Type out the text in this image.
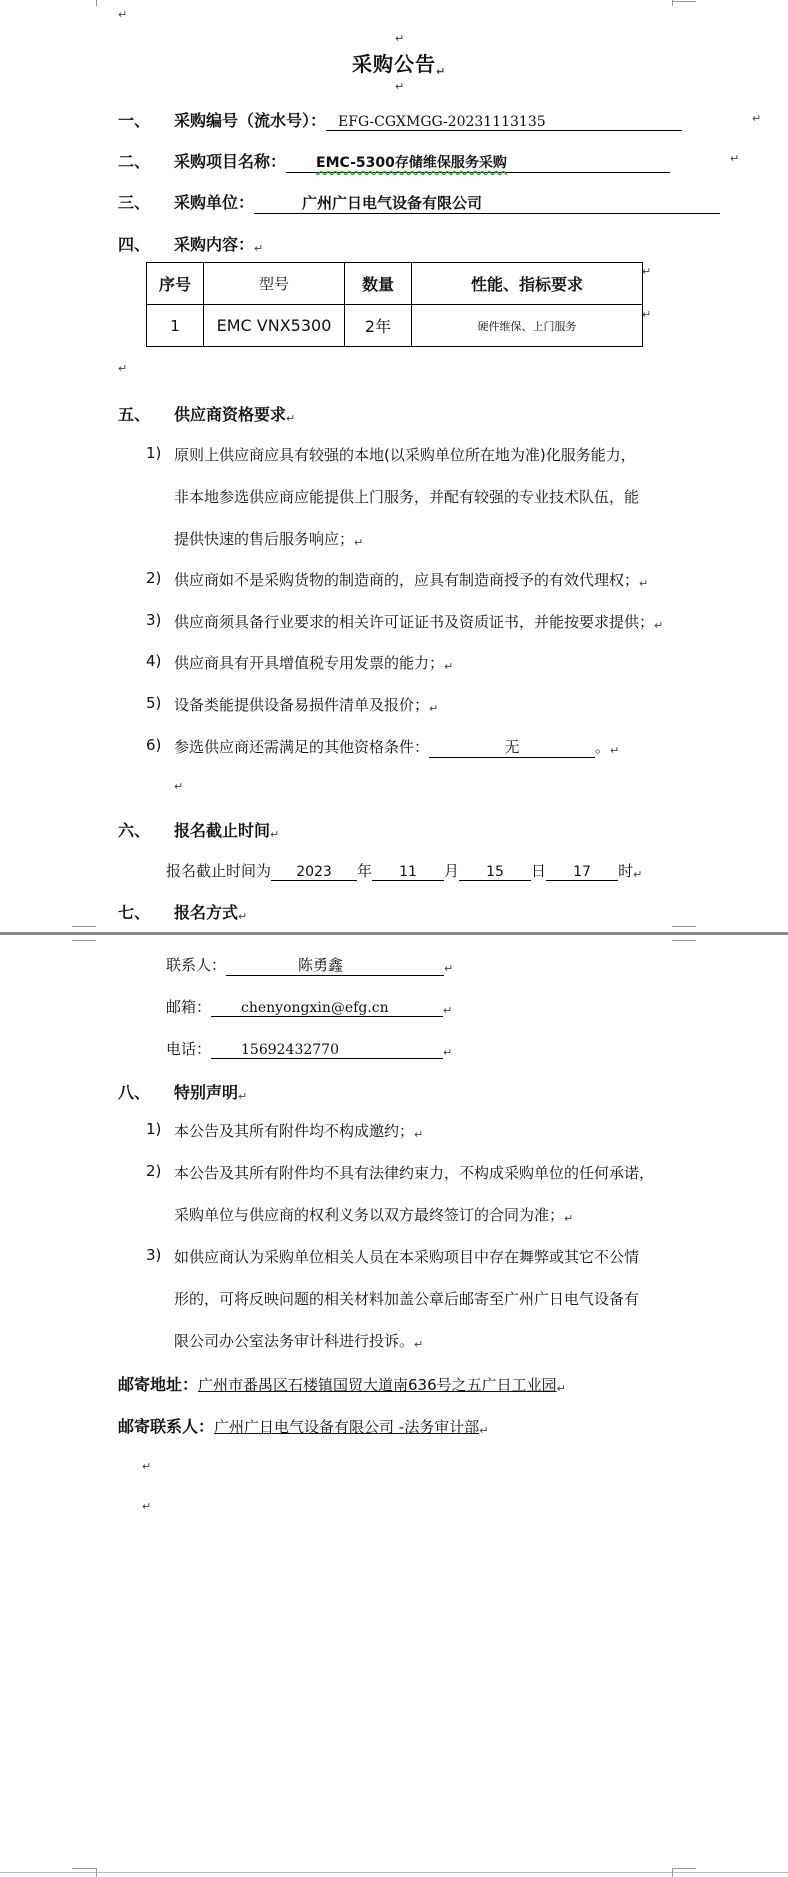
↵
↵
采购公告$_↵$
↵
一、 采购编号（流水号）： EFG-CGXMGG-20231113135	↵
二、 采购项目名称： EMC-5300存储维保服务采购	↵
三、 采购单位：	广州广日电气设备有限公司
四、 采购内容：↵
序号	型号	数量	性能、指标要求
1	EMC VNX5300	2年	硬件维保、上门服务
↵
↵
↵
五、 供应商资格要求↵
1) 原则上供应商应具有较强的本地(以采购单位所在地为准)化服务能力，
非本地参选供应商应能提供上门服务，并配有较强的专业技术队伍，能
提供快速的售后服务响应；↵
2) 供应商如不是采购货物的制造商的，应具有制造商授予的有效代理权；↵
3) 供应商须具备行业要求的相关许可证证书及资质证书，并能按要求提供；↵
4) 供应商具有开具增值税专用发票的能力；↵
5) 设备类能提供设备易损件清单及报价；↵
6) 参选供应商还需满足的其他资格条件：	无	。↵
↵
六、 报名截止时间↵
报名截止时间为 2023 年 11 月 15 日 17 时↵
七、 报名方式↵
联系人：	陈勇鑫	↵
邮箱： chenyongxin@efg.cn	↵
电话： 15692432770	↵
八、 特别声明↵
1) 本公告及其所有附件均不构成邀约；↵
2) 本公告及其所有附件均不具有法律约束力，不构成采购单位的任何承诺，
采购单位与供应商的权利义务以双方最终签订的合同为准；↵
3) 如供应商认为采购单位相关人员在本采购项目中存在舞弊或其它不公情
形的，可将反映问题的相关材料加盖公章后邮寄至广州广日电气设备有
限公司办公室法务审计科进行投诉。↵
邮寄地址：广州市番禺区石楼镇国贸大道南636号之五广日工业园↵
邮寄联系人：广州广日电气设备有限公司 -法务审计部↵
↵
↵
